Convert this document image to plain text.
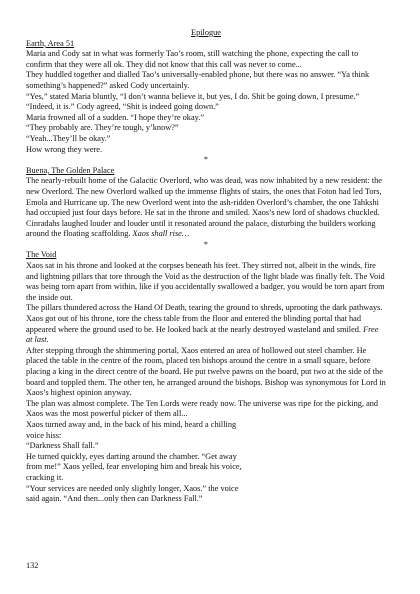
Epilogue

Earth, Area 51

Maria and Cody sat in what was formerly Tao’s room, still watching the phone, expecting the call to confirm that they were all ok. They did not know that this call was never to come...

They huddled together and dialled Tao’s universally-enabled phone, but there was no answer. “Ya think something’s happened?” asked Cody uncertainly.

“Yes,” stated Maria bluntly, “I don’t wanna believe it, but yes, I do. Shit be going down, I presume.”

“Indeed, it is.” Cody agreed, “Shit is indeed going down.”

Maria frowned all of a sudden. “I hope they’re okay.”

“They probably are. They’re tough, y’know?”

“Yeah...They’ll be okay.”

How wrong they were.

*

Buena, The Golden Palace

The nearly-rebuilt home of the Galactic Overlord, who was dead, was now inhabited by a new resident: the new Overlord. The new Overlord walked up the immense flights of stairs, the ones that Foton had led Tors, Emola and Hurricane up. The new Overlord went into the ash-ridden Overlord’s chamber, the one Tahkshi had occupied just four days before. He sat in the throne and smiled. Xaos’s new lord of shadows chuckled.

Cinradahs laughed louder and louder until it resonated around the palace, disturbing the builders working around the floating scaffolding. Xaos shall rise…

*

The Void

Xaos sat in his throne and looked at the corpses beneath his feet. They stirred not, albeit in the winds, fire and lightning pillars that tore through the Void as the destruction of the light blade was finally felt. The Void was being torn apart from within, like if you accidentally swallowed a badger, you would be torn apart from the inside out.

The pillars thundered across the Hand Of Death, tearing the ground to shreds, uprooting the dark pathways. Xaos got out of his throne, tore the chess table from the floor and entered the blinding portal that had appeared where the ground used to be. He looked back at the nearly destroyed wasteland and smiled. Free at last.

After stepping through the shimmering portal, Xaos entered an area of hollowed out steel chamber. He placed the table in the centre of the room, placed ten bishops around the centre in a small square, before placing a king in the direct centre of the board. He put twelve pawns on the board, put two at the side of the board and toppled them. The other ten, he arranged around the bishops. Bishop was synonymous for Lord in Xaos’s highest opinion anyway.

The plan was almost complete. The Ten Lords were ready now. The universe was ripe for the picking, and Xaos was the most powerful picker of them all...

Xaos turned away and, in the back of his mind, heard a chilling

voice hiss:

“Darkness Shall fall.”

He turned quickly, eyes darting around the chamber. “Get away

from me!” Xaos yelled, fear enveloping him and break his voice,

cracking it.

“Your services are needed only slightly longer, Xaos.” the voice

said again. “And then...only then can Darkness Fall.”

132
